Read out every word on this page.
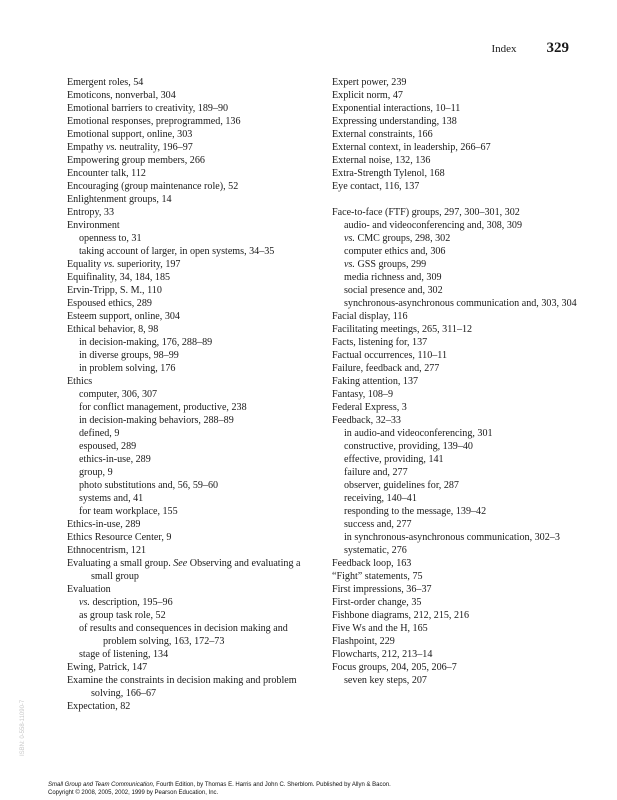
Index 329

Emergent roles, 54

Emoticons, nonverbal, 304

Emotional barriers to creativity, 189–90

Emotional responses, preprogrammed, 136

Emotional support, online, 303

Empathy vs. neutrality, 196–97

Empowering group members, 266

Encounter talk, 112

Encouraging (group maintenance role), 52

Enlightenment groups, 14

Entropy, 33

Environment

openness to, 31

taking account of larger, in open systems, 34–35

Equality vs. superiority, 197

Equifinality, 34, 184, 185

Ervin-Tripp, S. M., 110

Espoused ethics, 289

Esteem support, online, 304

Ethical behavior, 8, 98

in decision-making, 176, 288–89

in diverse groups, 98–99

in problem solving, 176

Ethics

computer, 306, 307

for conflict management, productive, 238

in decision-making behaviors, 288–89

defined, 9

espoused, 289

ethics-in-use, 289

group, 9

photo substitutions and, 56, 59–60

systems and, 41

for team workplace, 155

Ethics-in-use, 289

Ethics Resource Center, 9

Ethnocentrism, 121

Evaluating a small group. See Observing and evaluating a small group

Evaluation

vs. description, 195–96

as group task role, 52

of results and consequences in decision making and problem solving, 163, 172–73

stage of listening, 134

Ewing, Patrick, 147

Examine the constraints in decision making and problem solving, 166–67

Expectation, 82

Expert power, 239

Explicit norm, 47

Exponential interactions, 10–11

Expressing understanding, 138

External constraints, 166

External context, in leadership, 266–67

External noise, 132, 136

Extra-Strength Tylenol, 168

Eye contact, 116, 137

Face-to-face (FTF) groups, 297, 300–301, 302

audio- and videoconferencing and, 308, 309

vs. CMC groups, 298, 302

computer ethics and, 306

vs. GSS groups, 299

media richness and, 309

social presence and, 302

synchronous-asynchronous communication and, 303, 304

Facial display, 116

Facilitating meetings, 265, 311–12

Facts, listening for, 137

Factual occurrences, 110–11

Failure, feedback and, 277

Faking attention, 137

Fantasy, 108–9

Federal Express, 3

Feedback, 32–33

in audio-and videoconferencing, 301

constructive, providing, 139–40

effective, providing, 141

failure and, 277

observer, guidelines for, 287

receiving, 140–41

responding to the message, 139–42

success and, 277

in synchronous-asynchronous communication, 302–3

systematic, 276

Feedback loop, 163

“Fight” statements, 75

First impressions, 36–37

First-order change, 35

Fishbone diagrams, 212, 215, 216

Five Ws and the H, 165

Flashpoint, 229

Flowcharts, 212, 213–14

Focus groups, 204, 205, 206–7

seven key steps, 207

ISBN: 0-558-11090-7
Small Group and Team Communication, Fourth Edition, by Thomas E. Harris and John C. Sherblom. Published by Allyn & Bacon.
Copyright © 2008, 2005, 2002, 1999 by Pearson Education, Inc.
